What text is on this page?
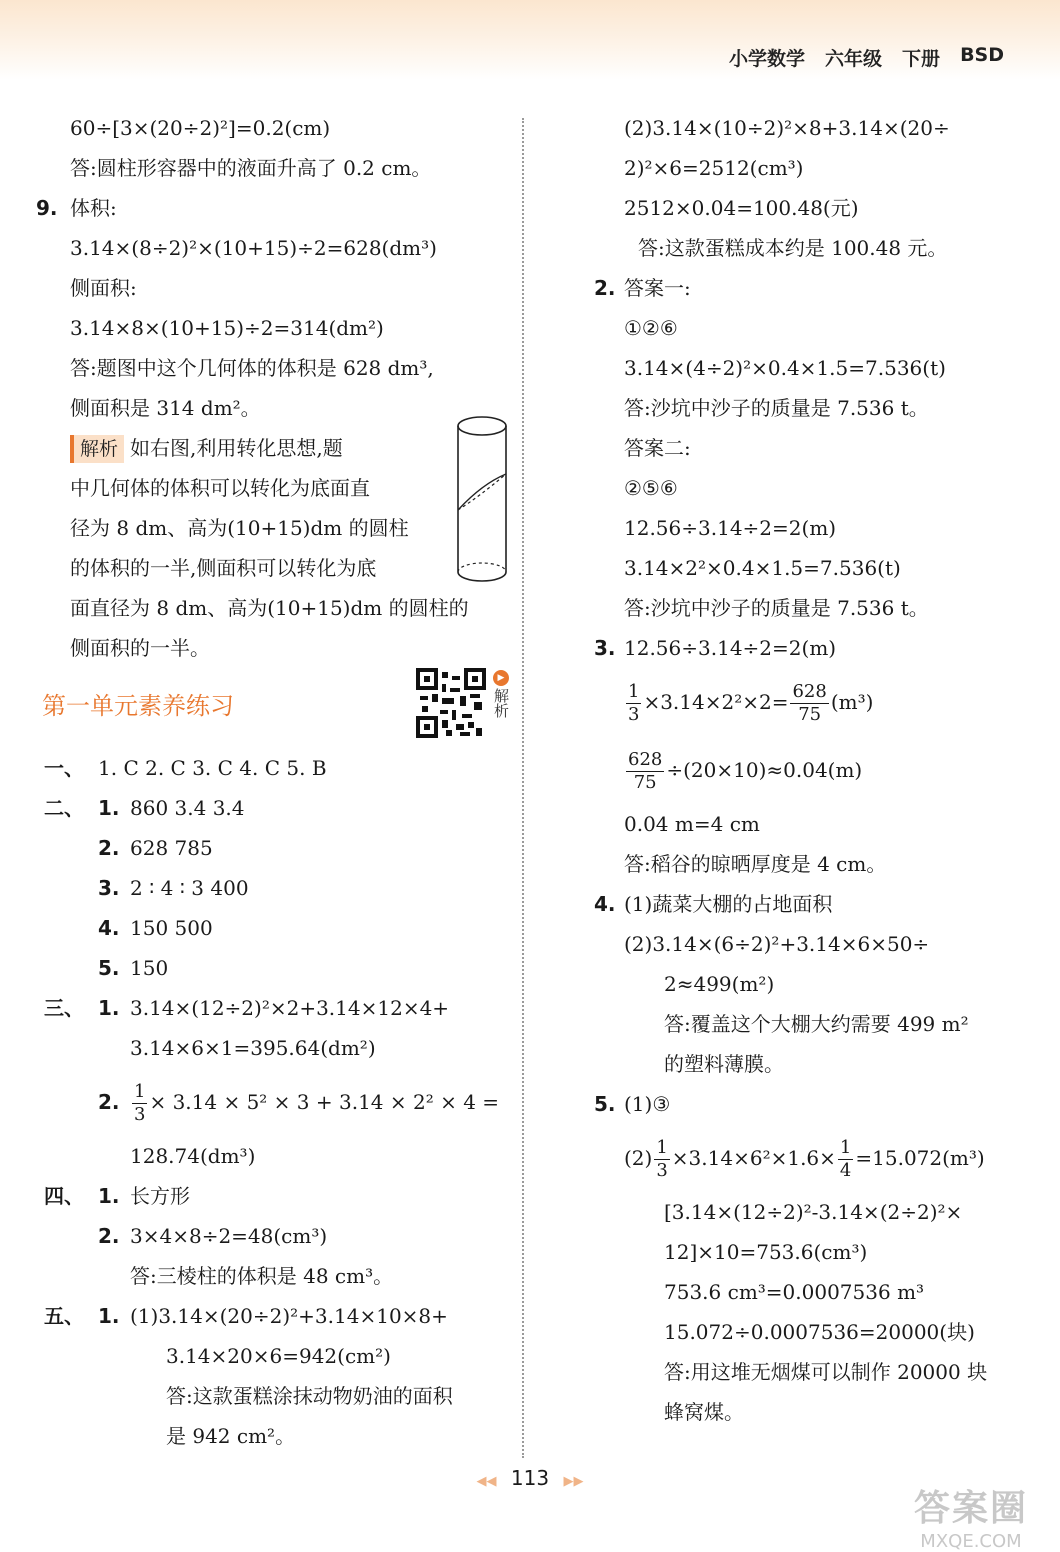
小学数学 六年级 下册 BSD
60÷[3×(20÷2)²]=0.2(cm)
答:圆柱形容器中的液面升高了 0.2 cm。
9. 体积:
3.14×(8÷2)²×(10+15)÷2=628(dm³)
侧面积:
3.14×8×(10+15)÷2=314(dm²)
答:题图中这个几何体的体积是 628 dm³,
侧面积是 314 dm²。
解析 如右图,利用转化思想,题
中几何体的体积可以转化为底面直
径为 8 dm、高为(10+15)dm 的圆柱
的体积的一半,侧面积可以转化为底
面直径为 8 dm、高为(10+15)dm 的圆柱的
侧面积的一半。
第一单元素养练习
▶
解析
一、 1. C 2. C 3. C 4. C 5. B
二、 1. 860 3.4 3.4
2. 628 785
3. 2 ∶ 4 ∶ 3 400
4. 150 500
5. 150
三、 1. 3.14×(12÷2)²×2+3.14×12×4+
3.14×6×1=395.64(dm²)
2. $\frac{1}{3} \times 3.14 \times 5^2 \times 3 + 3.14 \times 2^2 \times 4$ =
128.74(dm³)
四、 1. 长方形
2. 3×4×8÷2=48(cm³)
答:三棱柱的体积是 48 cm³。
五、 1. (1)3.14×(20÷2)²+3.14×10×8+
3.14×20×6=942(cm²)
答:这款蛋糕涂抹动物奶油的面积
是 942 cm²。
(2)3.14×(10÷2)²×8+3.14×(20÷
2)²×6=2512(cm³)
2512×0.04=100.48(元)
答:这款蛋糕成本约是 100.48 元。
2. 答案一:
①②⑥
3.14×(4÷2)²×0.4×1.5=7.536(t)
答:沙坑中沙子的质量是 7.536 t。
答案二:
②⑤⑥
12.56÷3.14÷2=2(m)
3.14×2²×0.4×1.5=7.536(t)
答:沙坑中沙子的质量是 7.536 t。
3. 12.56÷3.14÷2=2(m)
$\frac{1}{3} \times 3.14\times 2^2\times 2= \frac{628}{75} (m^3)$
$\frac{628}{75} \div(20\times 10)\approx 0.04(m)$
0.04 m=4 cm
答:稻谷的晾晒厚度是 4 cm。
4. (1)蔬菜大棚的占地面积
(2)3.14×(6÷2)²+3.14×6×50÷
2≈499(m²)
答:覆盖这个大棚大约需要 499 m²
的塑料薄膜。
5. (1)③
$(2) \frac{1}{3} \times 3.14\times 6^2\times 1.6\times \frac{1}{4} =15.072(m^3)$
[3.14×(12÷2)²-3.14×(2÷2)²×
12]×10=753.6(cm³)
753.6 cm³=0.0007536 m³
15.072÷0.0007536=20000(块)
答:用这堆无烟煤可以制作 20000 块
蜂窝煤。
◀◀ 113 ▶▶
答案圈
MXQE.COM
